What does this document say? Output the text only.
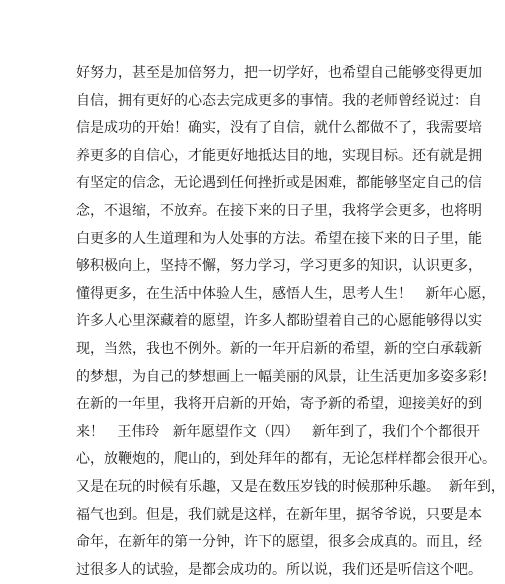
好努力，甚至是加倍努力，把一切学好，也希望自己能够变得更加
自信，拥有更好的心态去完成更多的事情。我的老师曾经说过：自
信是成功的开始！确实，没有了自信，就什么都做不了，我需要培
养更多的自信心，才能更好地抵达目的地，实现目标。还有就是拥
有坚定的信念，无论遇到任何挫折或是困难，都能够坚定自己的信
念，不退缩，不放弃。在接下来的日子里，我将学会更多，也将明
白更多的人生道理和为人处事的方法。希望在接下来的日子里，能
够积极向上，坚持不懈，努力学习，学习更多的知识，认识更多，
懂得更多，在生活中体验人生，感悟人生，思考人生！   新年心愿，
许多人心里深藏着的愿望，许多人都盼望着自己的心愿能够得以实
现，当然，我也不例外。新的一年开启新的希望，新的空白承载新
的梦想，为自己的梦想画上一幅美丽的风景，让生活更加多姿多彩!
在新的一年里，我将开启新的开始，寄予新的希望，迎接美好的到
来！   王伟玲   新年愿望作文（四）   新年到了，我们个个都很开
心，放鞭炮的，爬山的，到处拜年的都有，无论怎样样都会很开心。
又是在玩的时候有乐趣，又是在数压岁钱的时候那种乐趣。  新年到，
福气也到。但是，我们就是这样，在新年里，据爷爷说，只要是本
命年，在新年的第一分钟，许下的愿望，很多会成真的。而且，经
过很多人的试验，是都会成功的。所以说，我们还是听信这个吧。
